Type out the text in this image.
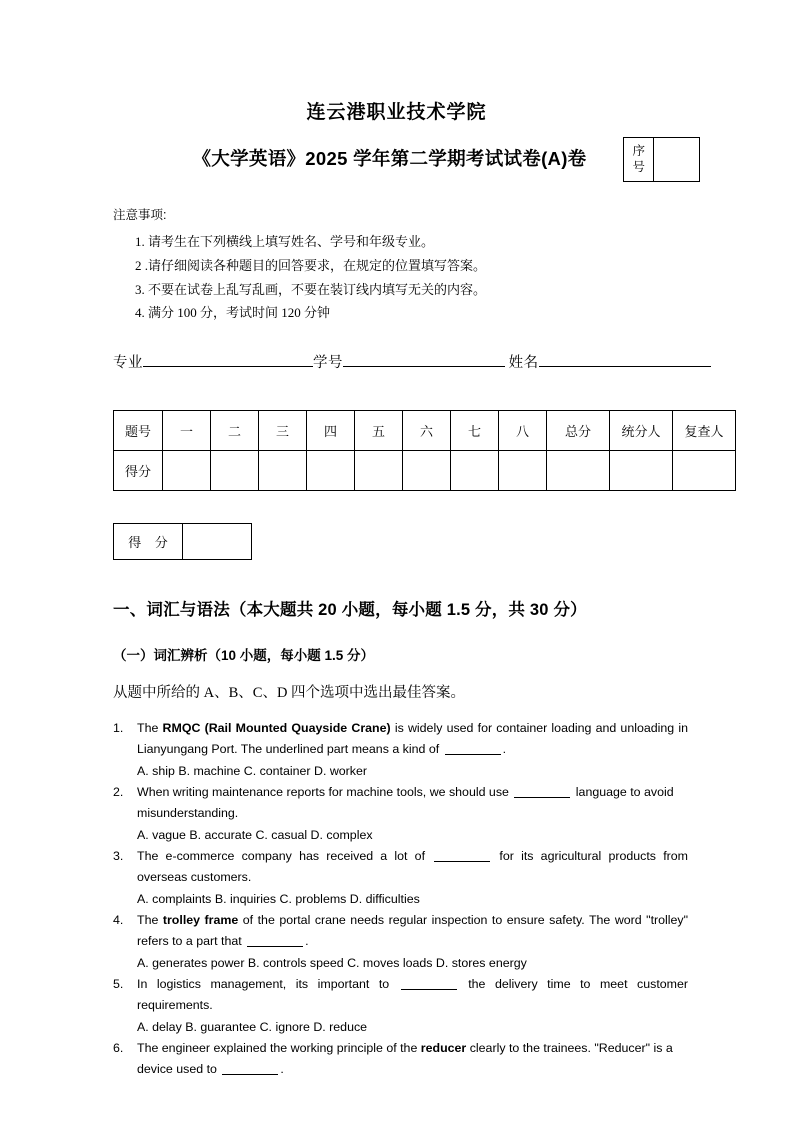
连云港职业技术学院
《大学英语》2025 学年第二学期考试试卷(A)卷	序
号	
注意事项:
1. 请考生在下列横线上填写姓名、学号和年级专业。
2 .请仔细阅读各种题目的回答要求，在规定的位置填写答案。
3. 不要在试卷上乱写乱画，不要在装订线内填写无关的内容。
4. 满分 100 分，考试时间 120 分钟
专业	学号	姓名
题号	一	二	三	四	五	六	七	八	总分	统分人	复查人
得分											
得 分	
一、词汇与语法（本大题共 20 小题，每小题 1.5 分，共 30 分）
（一）词汇辨析（10 小题，每小题 1.5 分）
从题中所给的 A、B、C、D 四个选项中选出最佳答案。
1.	The RMQC (Rail Mounted Quayside Crane) is widely used for container loading and unloading in Lianyungang Port. The underlined part means a kind of	.
A. ship B. machine C. container D. worker
2.	When writing maintenance reports for machine tools, we should use	language to avoid misunderstanding.
A. vague B. accurate C. casual D. complex
3.	The e-commerce company has received a lot of	for its agricultural products from overseas customers.
A. complaints B. inquiries C. problems D. difficulties
4.	The trolley frame of the portal crane needs regular inspection to ensure safety. The word "trolley" refers to a part that	.
A. generates power B. controls speed C. moves loads D. stores energy
5.	In logistics management, its important to	the delivery time to meet customer requirements.
A. delay B. guarantee C. ignore D. reduce
6.	The engineer explained the working principle of the reducer clearly to the trainees. "Reducer" is a device used to	.
